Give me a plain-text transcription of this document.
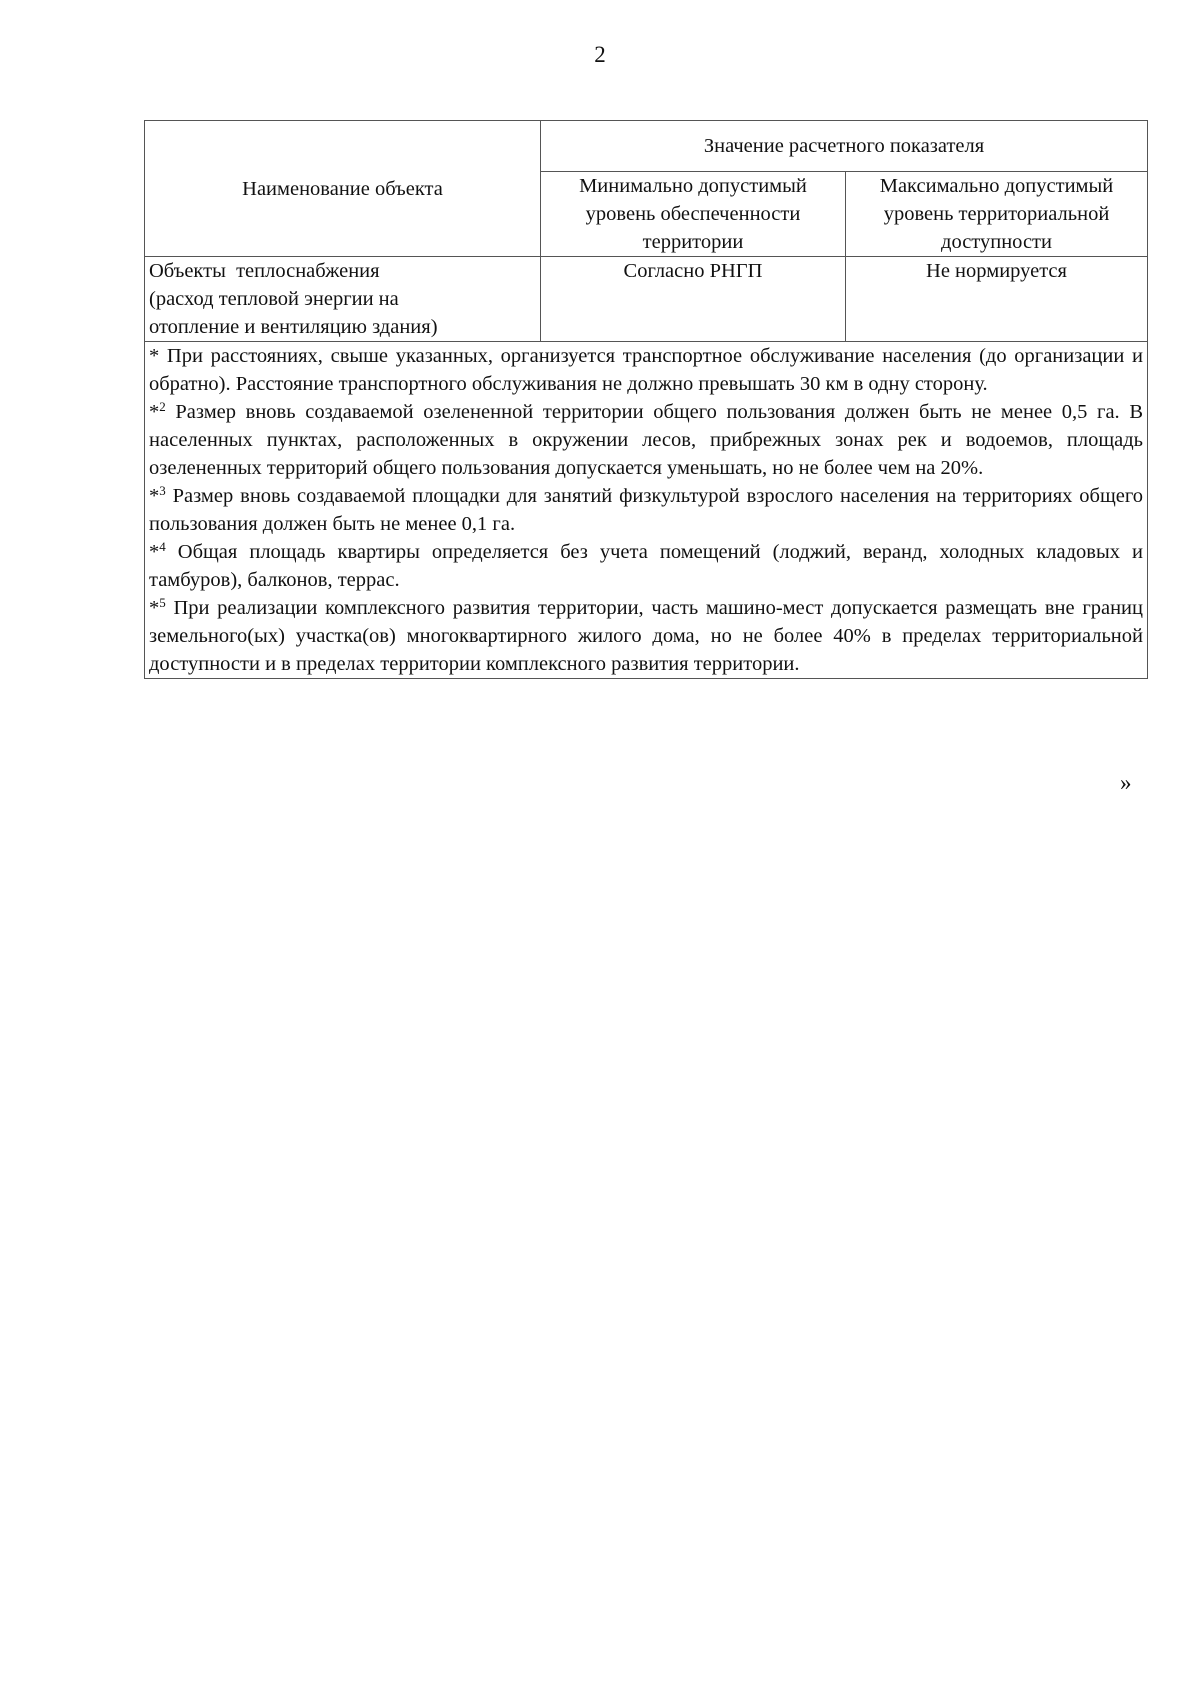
2
Наименование объекта	Значение расчетного показателя	
	Минимально допустимый уровень обеспеченности территории	Максимально допустимый уровень территориальной доступности

Объекты  теплоснабжения
(расход тепловой энергии на
отопление и вентиляцию здания)	Согласно РНГП	Не нормируется

* При расстояниях, свыше указанных, организуется транспортное обслуживание населения (до организации и обратно). Расстояние транспортного обслуживания не должно превышать 30 км в одну сторону.

*$^2$ Размер вновь создаваемой озелененной территории общего пользования должен быть не менее 0,5 га. В населенных пунктах, расположенных в окружении лесов, прибрежных зонах рек и водоемов, площадь озелененных территорий общего пользования допускается уменьшать, но не более чем на 20%.

*$^3$ Размер вновь создаваемой площадки для занятий физкультурой взрослого населения на территориях общего пользования должен быть не менее 0,1 га.

*$^4$ Общая площадь квартиры определяется без учета помещений (лоджий, веранд, холодных кладовых и тамбуров), балконов, террас.

*$^5$ При реализации комплексного развития территории, часть машино-мест допускается размещать вне границ земельного(ых) участка(ов) многоквартирного жилого дома, но не более 40% в пределах территориальной доступности и в пределах территории комплексного развития территории.		

»
